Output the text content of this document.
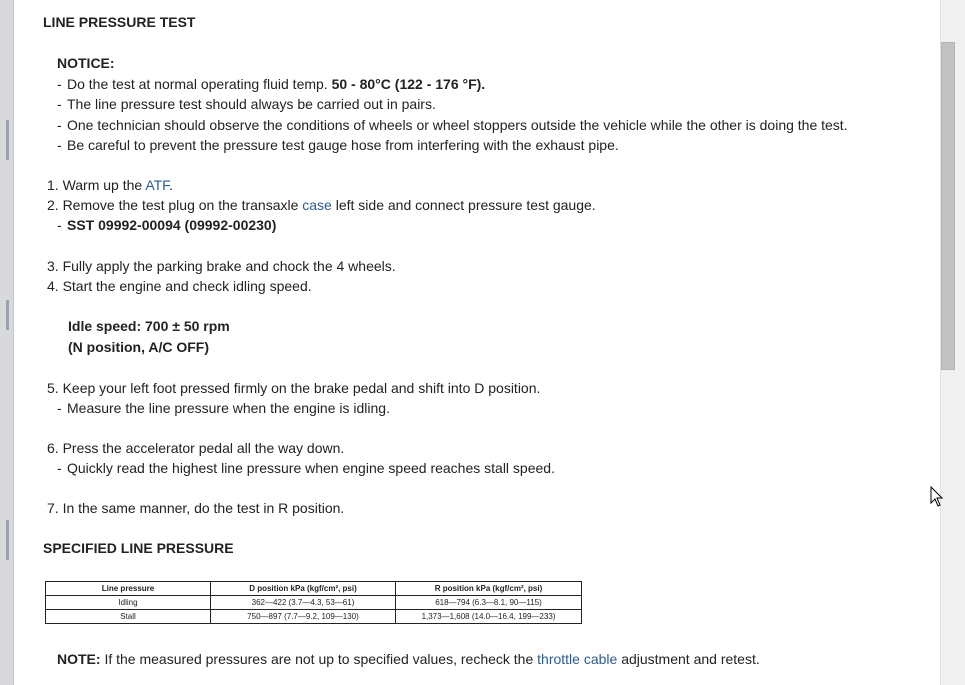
LINE PRESSURE TEST
NOTICE:
- Do the test at normal operating fluid temp. 50 - 80°C (122 - 176 °F).
- The line pressure test should always be carried out in pairs.
- One technician should observe the conditions of wheels or wheel stoppers outside the vehicle while the other is doing the test.
- Be careful to prevent the pressure test gauge hose from interfering with the exhaust pipe.
1. Warm up the ATF.
2. Remove the test plug on the transaxle case left side and connect pressure test gauge.
- SST 09992-00094 (09992-00230)
3. Fully apply the parking brake and chock the 4 wheels.
4. Start the engine and check idling speed.
Idle speed: 700 ± 50 rpm
(N position, A/C OFF)
5. Keep your left foot pressed firmly on the brake pedal and shift into D position.
- Measure the line pressure when the engine is idling.
6. Press the accelerator pedal all the way down.
- Quickly read the highest line pressure when engine speed reaches stall speed.
7. In the same manner, do the test in R position.
SPECIFIED LINE PRESSURE
Line pressure	D position kPa (kgf/cm², psi)	R position kPa (kgf/cm², psi)
Idling	362—422 (3.7—4.3, 53—61)	618—794 (6.3—8.1, 90—115)
Stall	750—897 (7.7—9.2, 109—130)	1,373—1,608 (14.0—16.4, 199—233)
NOTE: If the measured pressures are not up to specified values, recheck the throttle cable adjustment and retest.
